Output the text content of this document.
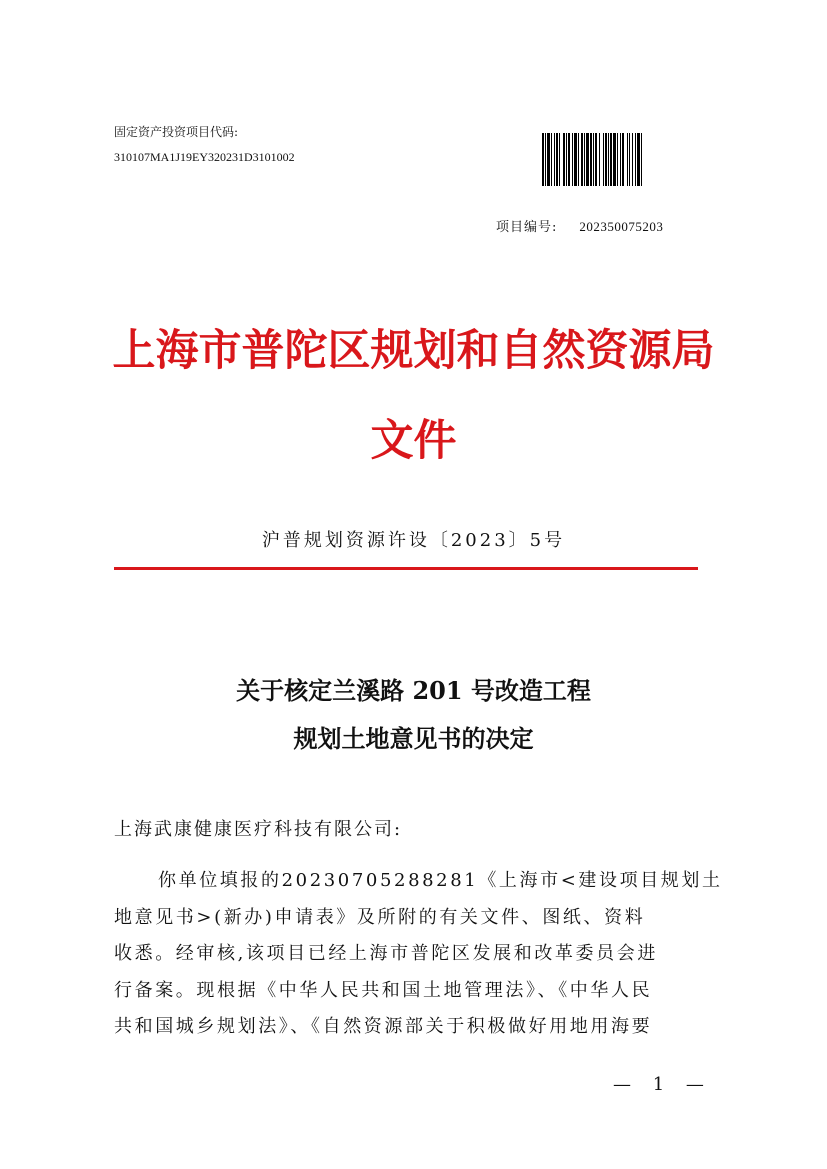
固定资产投资项目代码:
310107MA1J19EY320231D3101002
项目编号: 202350075203
上海市普陀区规划和自然资源局
文件
沪普规划资源许设〔2023〕5号
关于核定兰溪路 201 号改造工程
规划土地意见书的决定
上海武康健康医疗科技有限公司:
你单位填报的20230705288281《上海市<建设项目规划土
地意见书>(新办)申请表》及所附的有关文件、图纸、资料
收悉。经审核,该项目已经上海市普陀区发展和改革委员会进
行备案。现根据《中华人民共和国土地管理法》、《中华人民
共和国城乡规划法》、《自然资源部关于积极做好用地用海要
— 1 —
